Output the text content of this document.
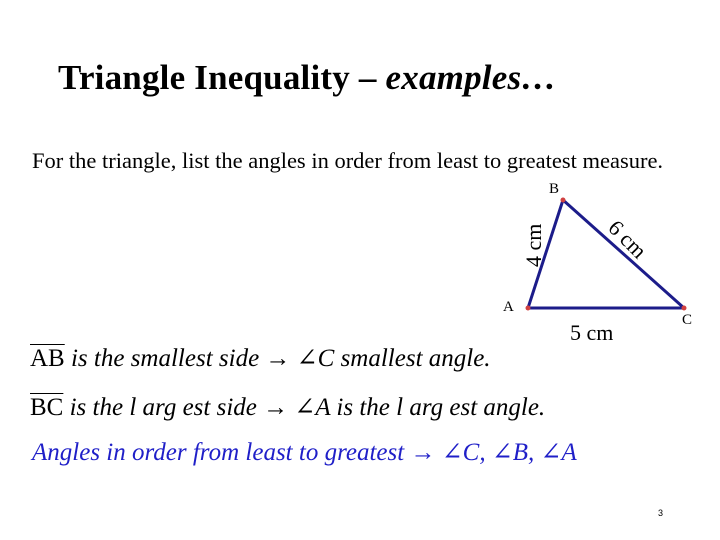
Triangle Inequality – examples…
For the triangle, list the angles in order from least to greatest measure.
A
B
C
4 cm	6 cm
5 cm
$\overline{AB}$ is the smallest side → ∠C smallest angle.
$\overline{BC}$ is the l arg est side → ∠A is the l arg est angle.
Angles in order from least to greatest → ∠C, ∠B, ∠A
3
